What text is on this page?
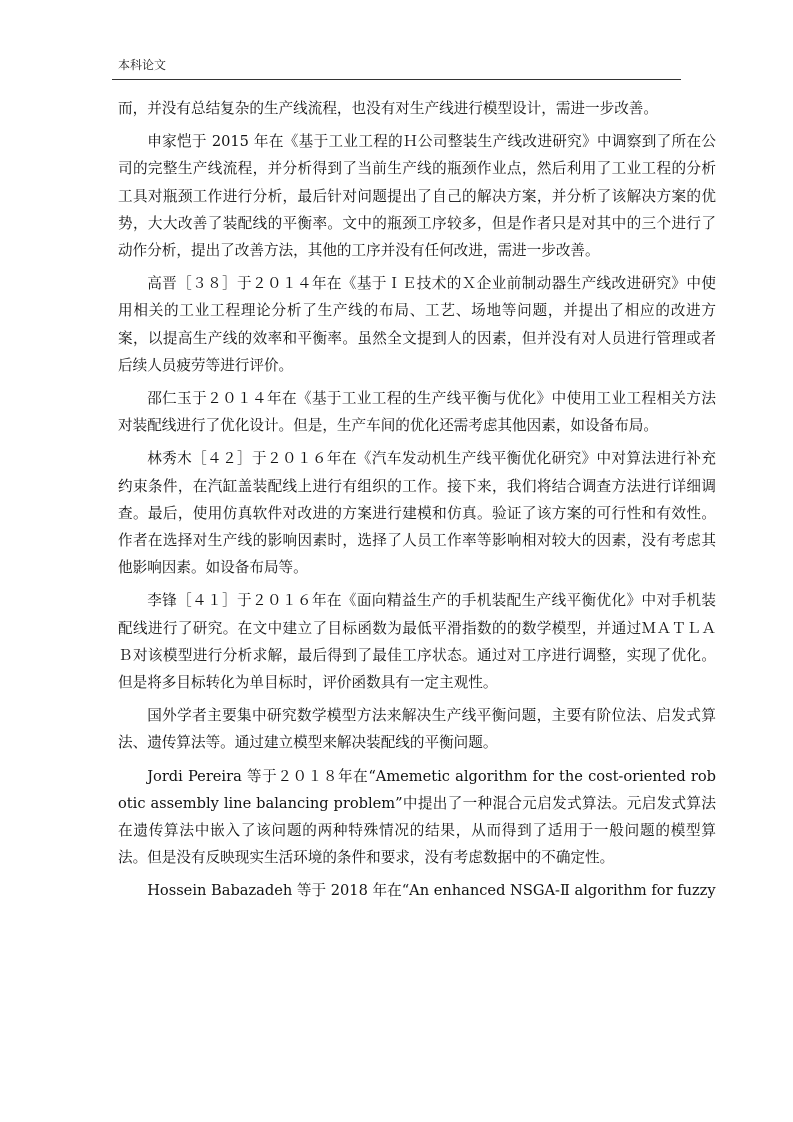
本科论文

而，并没有总结复杂的生产线流程，也没有对生产线进行模型设计，需进一步改善。

申家恺于 2015 年在《基于工业工程的Ｈ公司整装生产线改进研究》中调察到了所在公司的完整生产线流程，并分析得到了当前生产线的瓶颈作业点，然后利用了工业工程的分析工具对瓶颈工作进行分析，最后针对问题提出了自己的解决方案，并分析了该解决方案的优势，大大改善了装配线的平衡率。文中的瓶颈工序较多，但是作者只是对其中的三个进行了动作分析，提出了改善方法，其他的工序并没有任何改进，需进一步改善。

高晋［３８］于２０１４年在《基于ＩＥ技术的Ｘ企业前制动器生产线改进研究》中使用相关的工业工程理论分析了生产线的布局、工艺、场地等问题，并提出了相应的改进方案，以提高生产线的效率和平衡率。虽然全文提到人的因素，但并没有对人员进行管理或者后续人员疲劳等进行评价。

邵仁玉于２０１４年在《基于工业工程的生产线平衡与优化》中使用工业工程相关方法对装配线进行了优化设计。但是，生产车间的优化还需考虑其他因素，如设备布局。

林秀木［４２］于２０１６年在《汽车发动机生产线平衡优化研究》中对算法进行补充约束条件，在汽缸盖装配线上进行有组织的工作。接下来，我们将结合调查方法进行详细调查。最后，使用仿真软件对改进的方案进行建模和仿真。验证了该方案的可行性和有效性。作者在选择对生产线的影响因素时，选择了人员工作率等影响相对较大的因素，没有考虑其他影响因素。如设备布局等。

李锋［４１］于２０１６年在《面向精益生产的手机装配生产线平衡优化》中对手机装配线进行了研究。在文中建立了目标函数为最低平滑指数的的数学模型，并通过ＭＡＴＬＡＢ对该模型进行分析求解，最后得到了最佳工序状态。通过对工序进行调整，实现了优化。但是将多目标转化为单目标时，评价函数具有一定主观性。

国外学者主要集中研究数学模型方法来解决生产线平衡问题，主要有阶位法、启发式算法、遗传算法等。通过建立模型来解决装配线的平衡问题。

Jordi Pereira 等于２０１８年在“Amemetic algorithm for the cost-oriented robotic assembly line balancing problem”中提出了一种混合元启发式算法。元启发式算法在遗传算法中嵌入了该问题的两种特殊情况的结果，从而得到了适用于一般问题的模型算法。但是没有反映现实生活环境的条件和要求，没有考虑数据中的不确定性。

Hossein Babazadeh 等于 2018 年在“An enhanced NSGA-Ⅱ algorithm for fuzzy
